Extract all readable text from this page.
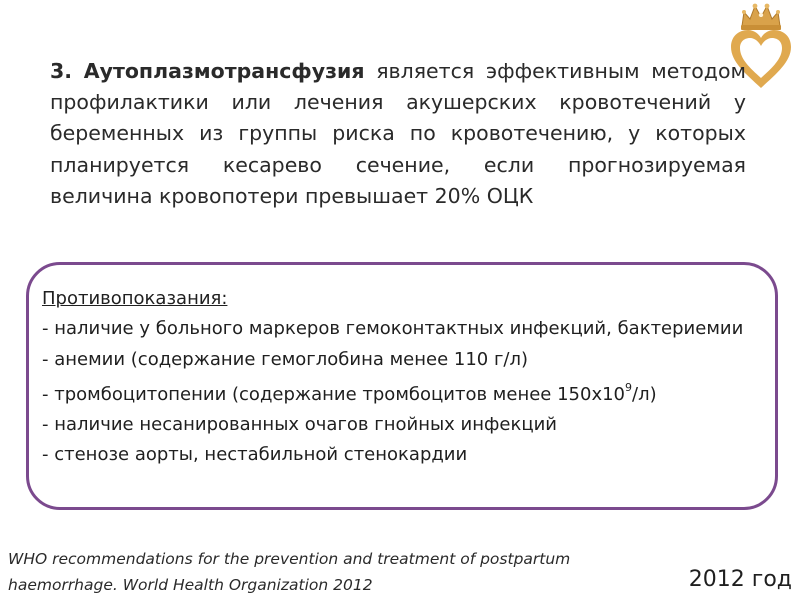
3. Аутоплазмотрансфузия является эффективным методом профилактики или лечения акушерских кровотечений у беременных из группы риска по кровотечению, у которых планируется кесарево сечение, если прогнозируемая величина кровопотери превышает 20% ОЦК
Противопоказания:
- наличие у больного маркеров гемоконтактных инфекций, бактериемии
- анемии (содержание гемоглобина менее 110 г/л)
- тромбоцитопении (содержание тромбоцитов менее $150х10^9/л$)
- наличие несанированных очагов гнойных инфекций
- стенозе аорты, нестабильной стенокардии
WHO recommendations for the prevention and treatment of postpartum haemorrhage. World Health Organization 2012	2012 год
